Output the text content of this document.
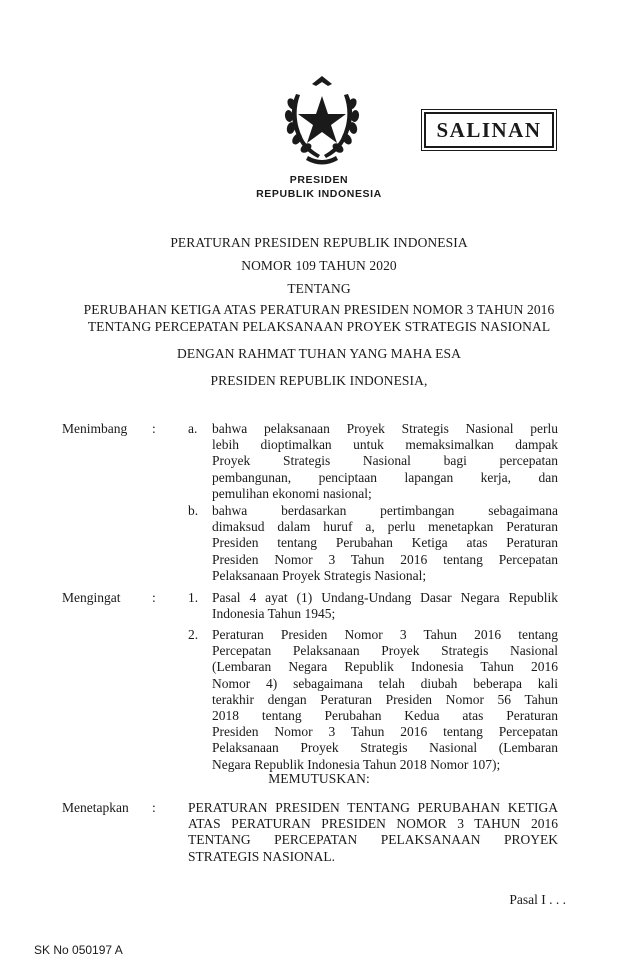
SALINAN
PRESIDEN
REPUBLIK INDONESIA
PERATURAN PRESIDEN REPUBLIK INDONESIA
NOMOR 109 TAHUN 2020
TENTANG
PERUBAHAN KETIGA ATAS PERATURAN PRESIDEN NOMOR 3 TAHUN 2016
TENTANG PERCEPATAN PELAKSANAAN PROYEK STRATEGIS NASIONAL
DENGAN RAHMAT TUHAN YANG MAHA ESA
PRESIDEN REPUBLIK INDONESIA,
Menimbang : a. bahwa pelaksanaan Proyek Strategis Nasional perlu
lebih dioptimalkan untuk memaksimalkan dampak
Proyek Strategis Nasional bagi percepatan
pembangunan, penciptaan lapangan kerja, dan
pemulihan ekonomi nasional;
b. bahwa berdasarkan pertimbangan sebagaimana
dimaksud dalam huruf a, perlu menetapkan Peraturan
Presiden tentang Perubahan Ketiga atas Peraturan
Presiden Nomor 3 Tahun 2016 tentang Percepatan
Pelaksanaan Proyek Strategis Nasional;
Mengingat : 1. Pasal 4 ayat (1) Undang-Undang Dasar Negara Republik
Indonesia Tahun 1945;
2. Peraturan Presiden Nomor 3 Tahun 2016 tentang
Percepatan Pelaksanaan Proyek Strategis Nasional
(Lembaran Negara Republik Indonesia Tahun 2016
Nomor 4) sebagaimana telah diubah beberapa kali
terakhir dengan Peraturan Presiden Nomor 56 Tahun
2018 tentang Perubahan Kedua atas Peraturan
Presiden Nomor 3 Tahun 2016 tentang Percepatan
Pelaksanaan Proyek Strategis Nasional (Lembaran
Negara Republik Indonesia Tahun 2018 Nomor 107);
MEMUTUSKAN:
Menetapkan : PERATURAN PRESIDEN TENTANG PERUBAHAN KETIGA
ATAS PERATURAN PRESIDEN NOMOR 3 TAHUN 2016
TENTANG PERCEPATAN PELAKSANAAN PROYEK
STRATEGIS NASIONAL.
Pasal I . . .
SK No 050197 A
